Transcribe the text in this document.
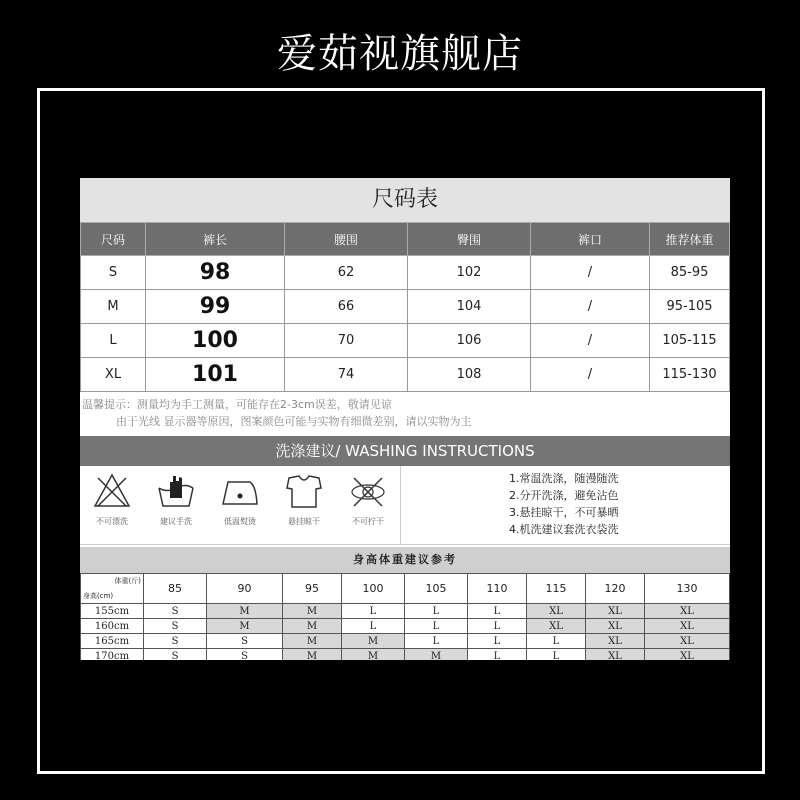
爱茹视旗舰店
尺码表
尺码	裤长	腰围	臀围	裤口	推荐体重
S	98	62	102	/	85-95
M	99	66	104	/	95-105
L	100	70	106	/	105-115
XL	101	74	108	/	115-130
温馨提示：测量均为手工测量，可能存在2-3cm误差，敬请见谅
由于光线 显示器等原因，图案颜色可能与实物有细微差别，请以实物为主
洗涤建议/ WASHING INSTRUCTIONS
不可漂洗	建议手洗	低温熨烫	悬挂晾干	不可拧干
1.常温洗涤，随漫随洗
2.分开洗涤，避免沾色
3.悬挂晾干，不可暴晒
4.机洗建议套洗衣袋洗
身高体重建议参考
体重(斤)
身高(cm)	85	90	95	100	105	110	115	120	130
155cm	S	M	M	L	L	L	XL	XL	XL
160cm	S	M	M	L	L	L	XL	XL	XL
165cm	S	S	M	M	L	L	L	XL	XL
170cm	S	S	M	M	M	L	L	XL	XL
